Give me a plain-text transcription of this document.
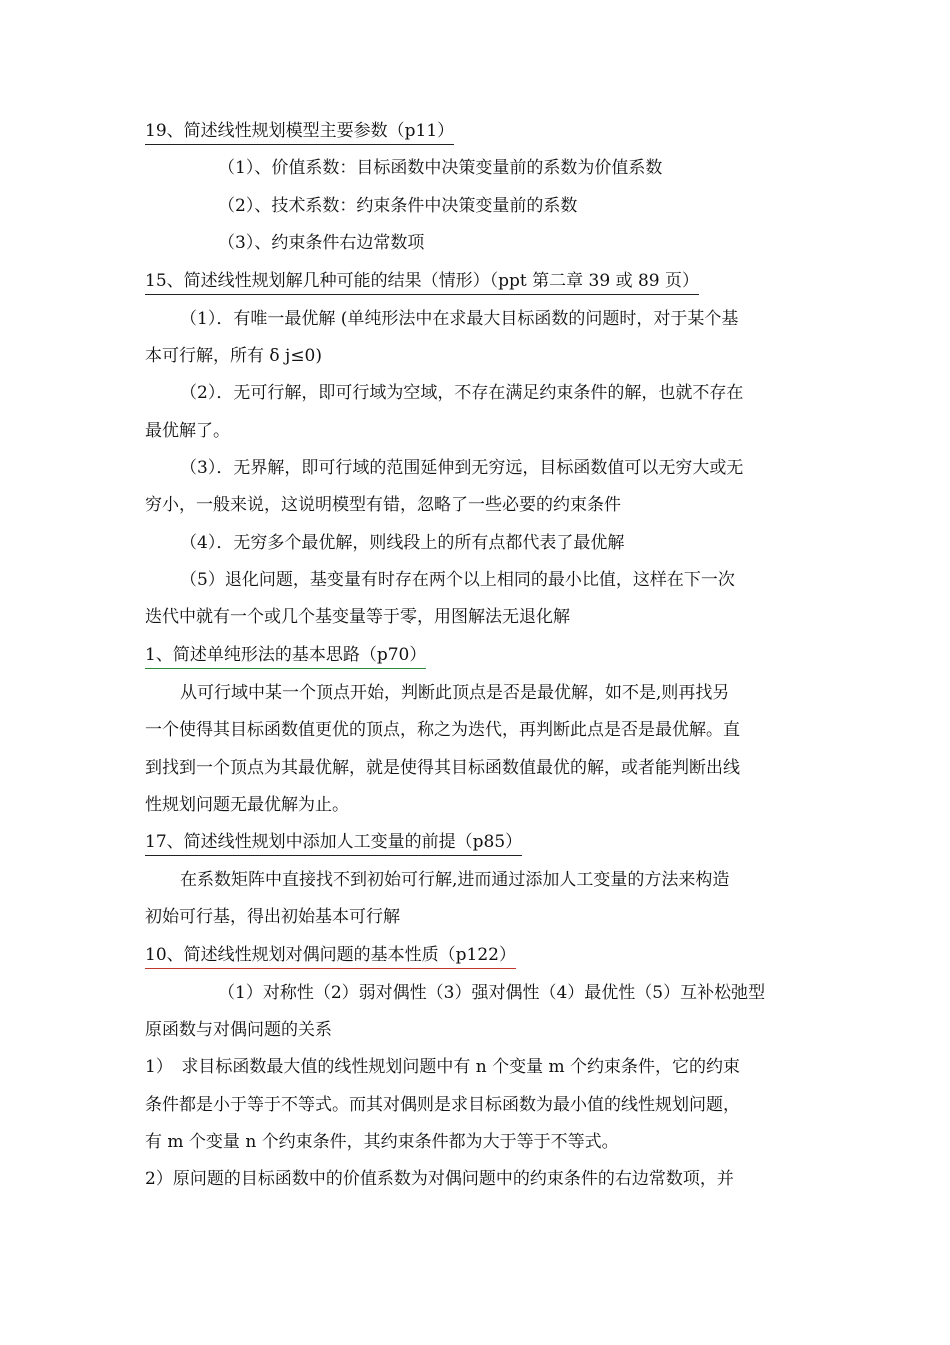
19、简述线性规划模型主要参数（p11）
（1）、价值系数：目标函数中决策变量前的系数为价值系数
（2）、技术系数：约束条件中决策变量前的系数
（3）、约束条件右边常数项
15、简述线性规划解几种可能的结果（情形）（ppt 第二章 39 或 89 页）
（1）．有唯一最优解 (单纯形法中在求最大目标函数的问题时，对于某个基
本可行解，所有 δ j≤0)
（2）．无可行解，即可行域为空域，不存在满足约束条件的解，也就不存在
最优解了。
（3）．无界解，即可行域的范围延伸到无穷远，目标函数值可以无穷大或无
穷小，一般来说，这说明模型有错，忽略了一些必要的约束条件
（4）．无穷多个最优解，则线段上的所有点都代表了最优解
（5）退化问题，基变量有时存在两个以上相同的最小比值，这样在下一次
迭代中就有一个或几个基变量等于零，用图解法无退化解
1、简述单纯形法的基本思路（p70）
从可行域中某一个顶点开始，判断此顶点是否是最优解，如不是,则再找另
一个使得其目标函数值更优的顶点，称之为迭代，再判断此点是否是最优解。直
到找到一个顶点为其最优解，就是使得其目标函数值最优的解，或者能判断出线
性规划问题无最优解为止。
17、简述线性规划中添加人工变量的前提（p85）
在系数矩阵中直接找不到初始可行解,进而通过添加人工变量的方法来构造
初始可行基，得出初始基本可行解
10、简述线性规划对偶问题的基本性质（p122）
（1）对称性（2）弱对偶性（3）强对偶性（4）最优性（5）互补松弛型
原函数与对偶问题的关系
1）　求目标函数最大值的线性规划问题中有 n 个变量 m 个约束条件，它的约束
条件都是小于等于不等式。而其对偶则是求目标函数为最小值的线性规划问题，
有 m 个变量 n 个约束条件，其约束条件都为大于等于不等式。
2）原问题的目标函数中的价值系数为对偶问题中的约束条件的右边常数项，并
